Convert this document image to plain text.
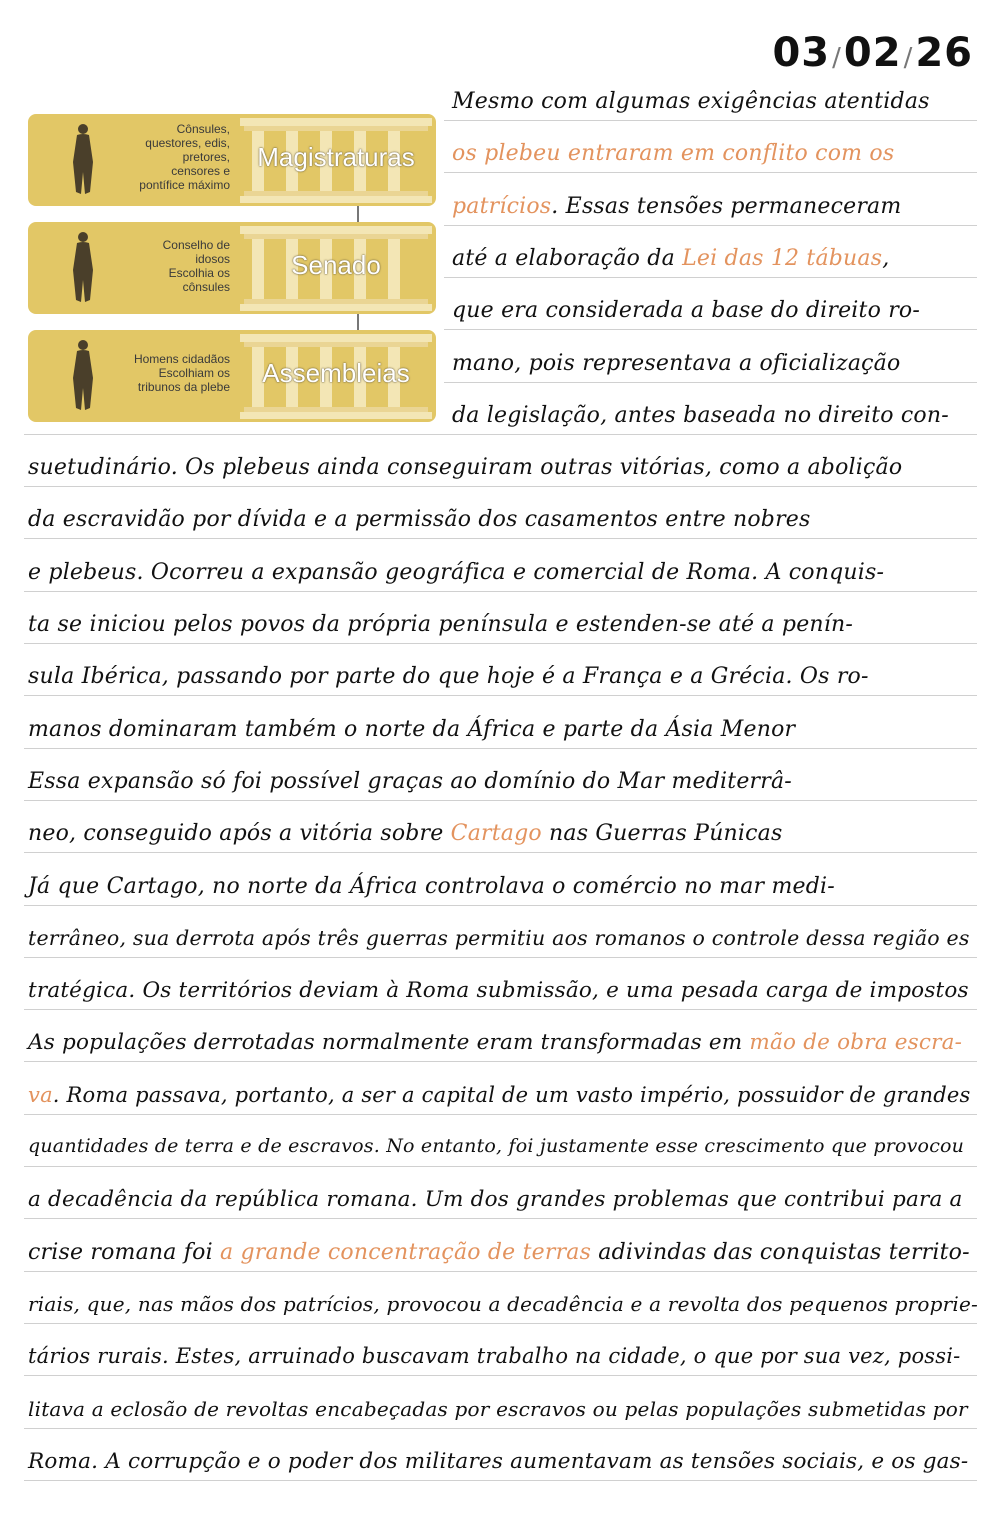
03/02/26
Cônsules,
questores, edis,
pretores,
censores e
pontífice máximo
Magistraturas
Conselho de
idosos
Escolhia os
cônsules
Senado
Homens cidadãos
Escolhiam os
tribunos da plebe	Assembleias
Mesmo com algumas exigências atentidas
os plebeu entraram em conflito com os
patrícios. Essas tensões permaneceram
até a elaboração da Lei das 12 tábuas,
que era considerada a base do direito ro-
mano, pois representava a oficialização
da legislação, antes baseada no direito con-
suetudinário. Os plebeus ainda conseguiram outras vitórias, como a abolição
da escravidão por dívida e a permissão dos casamentos entre nobres
e plebeus. Ocorreu a expansão geográfica e comercial de Roma. A conquis-
ta se iniciou pelos povos da própria península e estenden-se até a penín-
sula Ibérica, passando por parte do que hoje é a França e a Grécia. Os ro-
manos dominaram também o norte da África e parte da Ásia Menor
Essa expansão só foi possível graças ao domínio do Mar mediterrâ-
neo, conseguido após a vitória sobre Cartago nas Guerras Púnicas
Já que Cartago, no norte da África controlava o comércio no mar medi-
terrâneo, sua derrota após três guerras permitiu aos romanos o controle dessa região es
tratégica. Os territórios deviam à Roma submissão, e uma pesada carga de impostos
As populações derrotadas normalmente eram transformadas em mão de obra escra-
va. Roma passava, portanto, a ser a capital de um vasto império, possuidor de grandes
quantidades de terra e de escravos. No entanto, foi justamente esse crescimento que provocou
a decadência da república romana. Um dos grandes problemas que contribui para a
crise romana foi a grande concentração de terras adivindas das conquistas territo-
riais, que, nas mãos dos patrícios, provocou a decadência e a revolta dos pequenos proprie-
tários rurais. Estes, arruinado buscavam trabalho na cidade, o que por sua vez, possi-
litava a eclosão de revoltas encabeçadas por escravos ou pelas populações submetidas por
Roma. A corrupção e o poder dos militares aumentavam as tensões sociais, e os gas-
